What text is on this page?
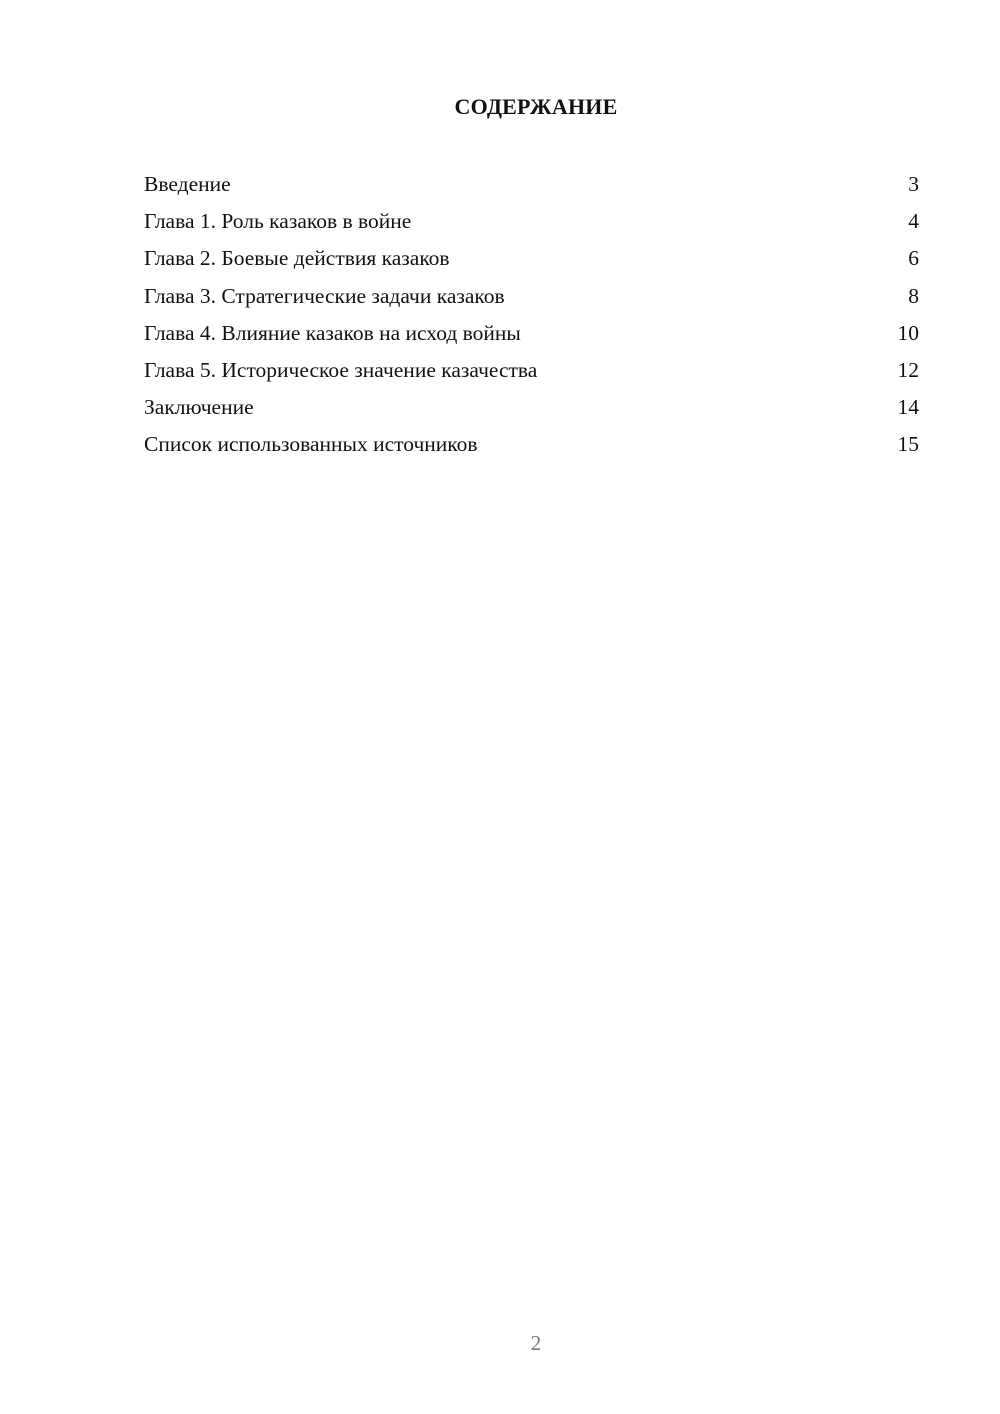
СОДЕРЖАНИЕ
Введение	3
Глава 1. Роль казаков в войне	4
Глава 2. Боевые действия казаков	6
Глава 3. Стратегические задачи казаков	8
Глава 4. Влияние казаков на исход войны	10
Глава 5. Историческое значение казачества	12
Заключение	14
Список использованных источников	15
2
